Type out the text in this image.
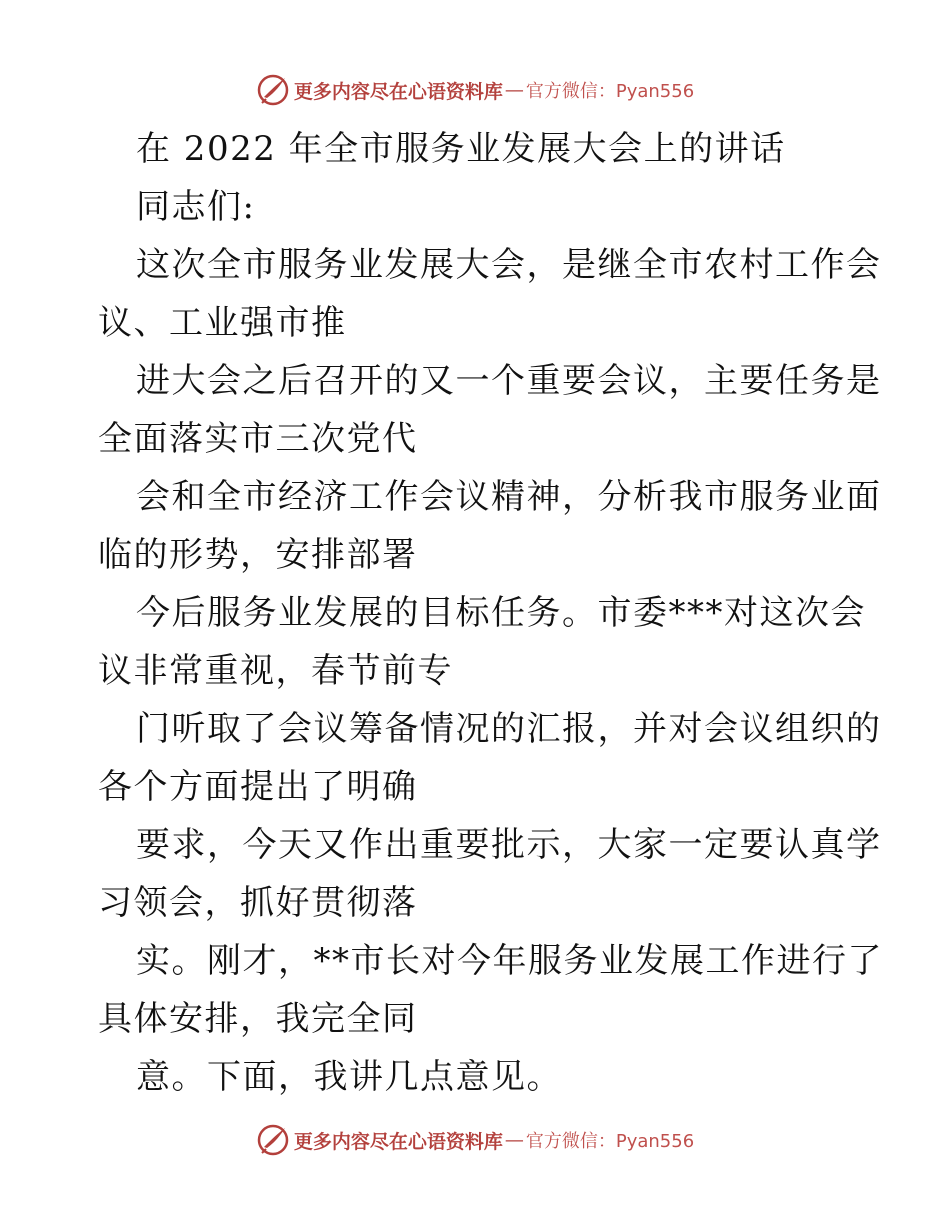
更多内容尽在心语资料库 — 官方微信：Pyan556
在 2022 年全市服务业发展大会上的讲话
同志们:
这次全市服务业发展大会，是继全市农村工作会
议、工业强市推
进大会之后召开的又一个重要会议，主要任务是
全面落实市三次党代
会和全市经济工作会议精神，分析我市服务业面
临的形势，安排部署
今后服务业发展的目标任务。市委***对这次会
议非常重视，春节前专
门听取了会议筹备情况的汇报，并对会议组织的
各个方面提出了明确
要求，今天又作出重要批示，大家一定要认真学
习领会，抓好贯彻落
实。刚才，**市长对今年服务业发展工作进行了
具体安排，我完全同
意。下面，我讲几点意见。
更多内容尽在心语资料库 — 官方微信：Pyan556
